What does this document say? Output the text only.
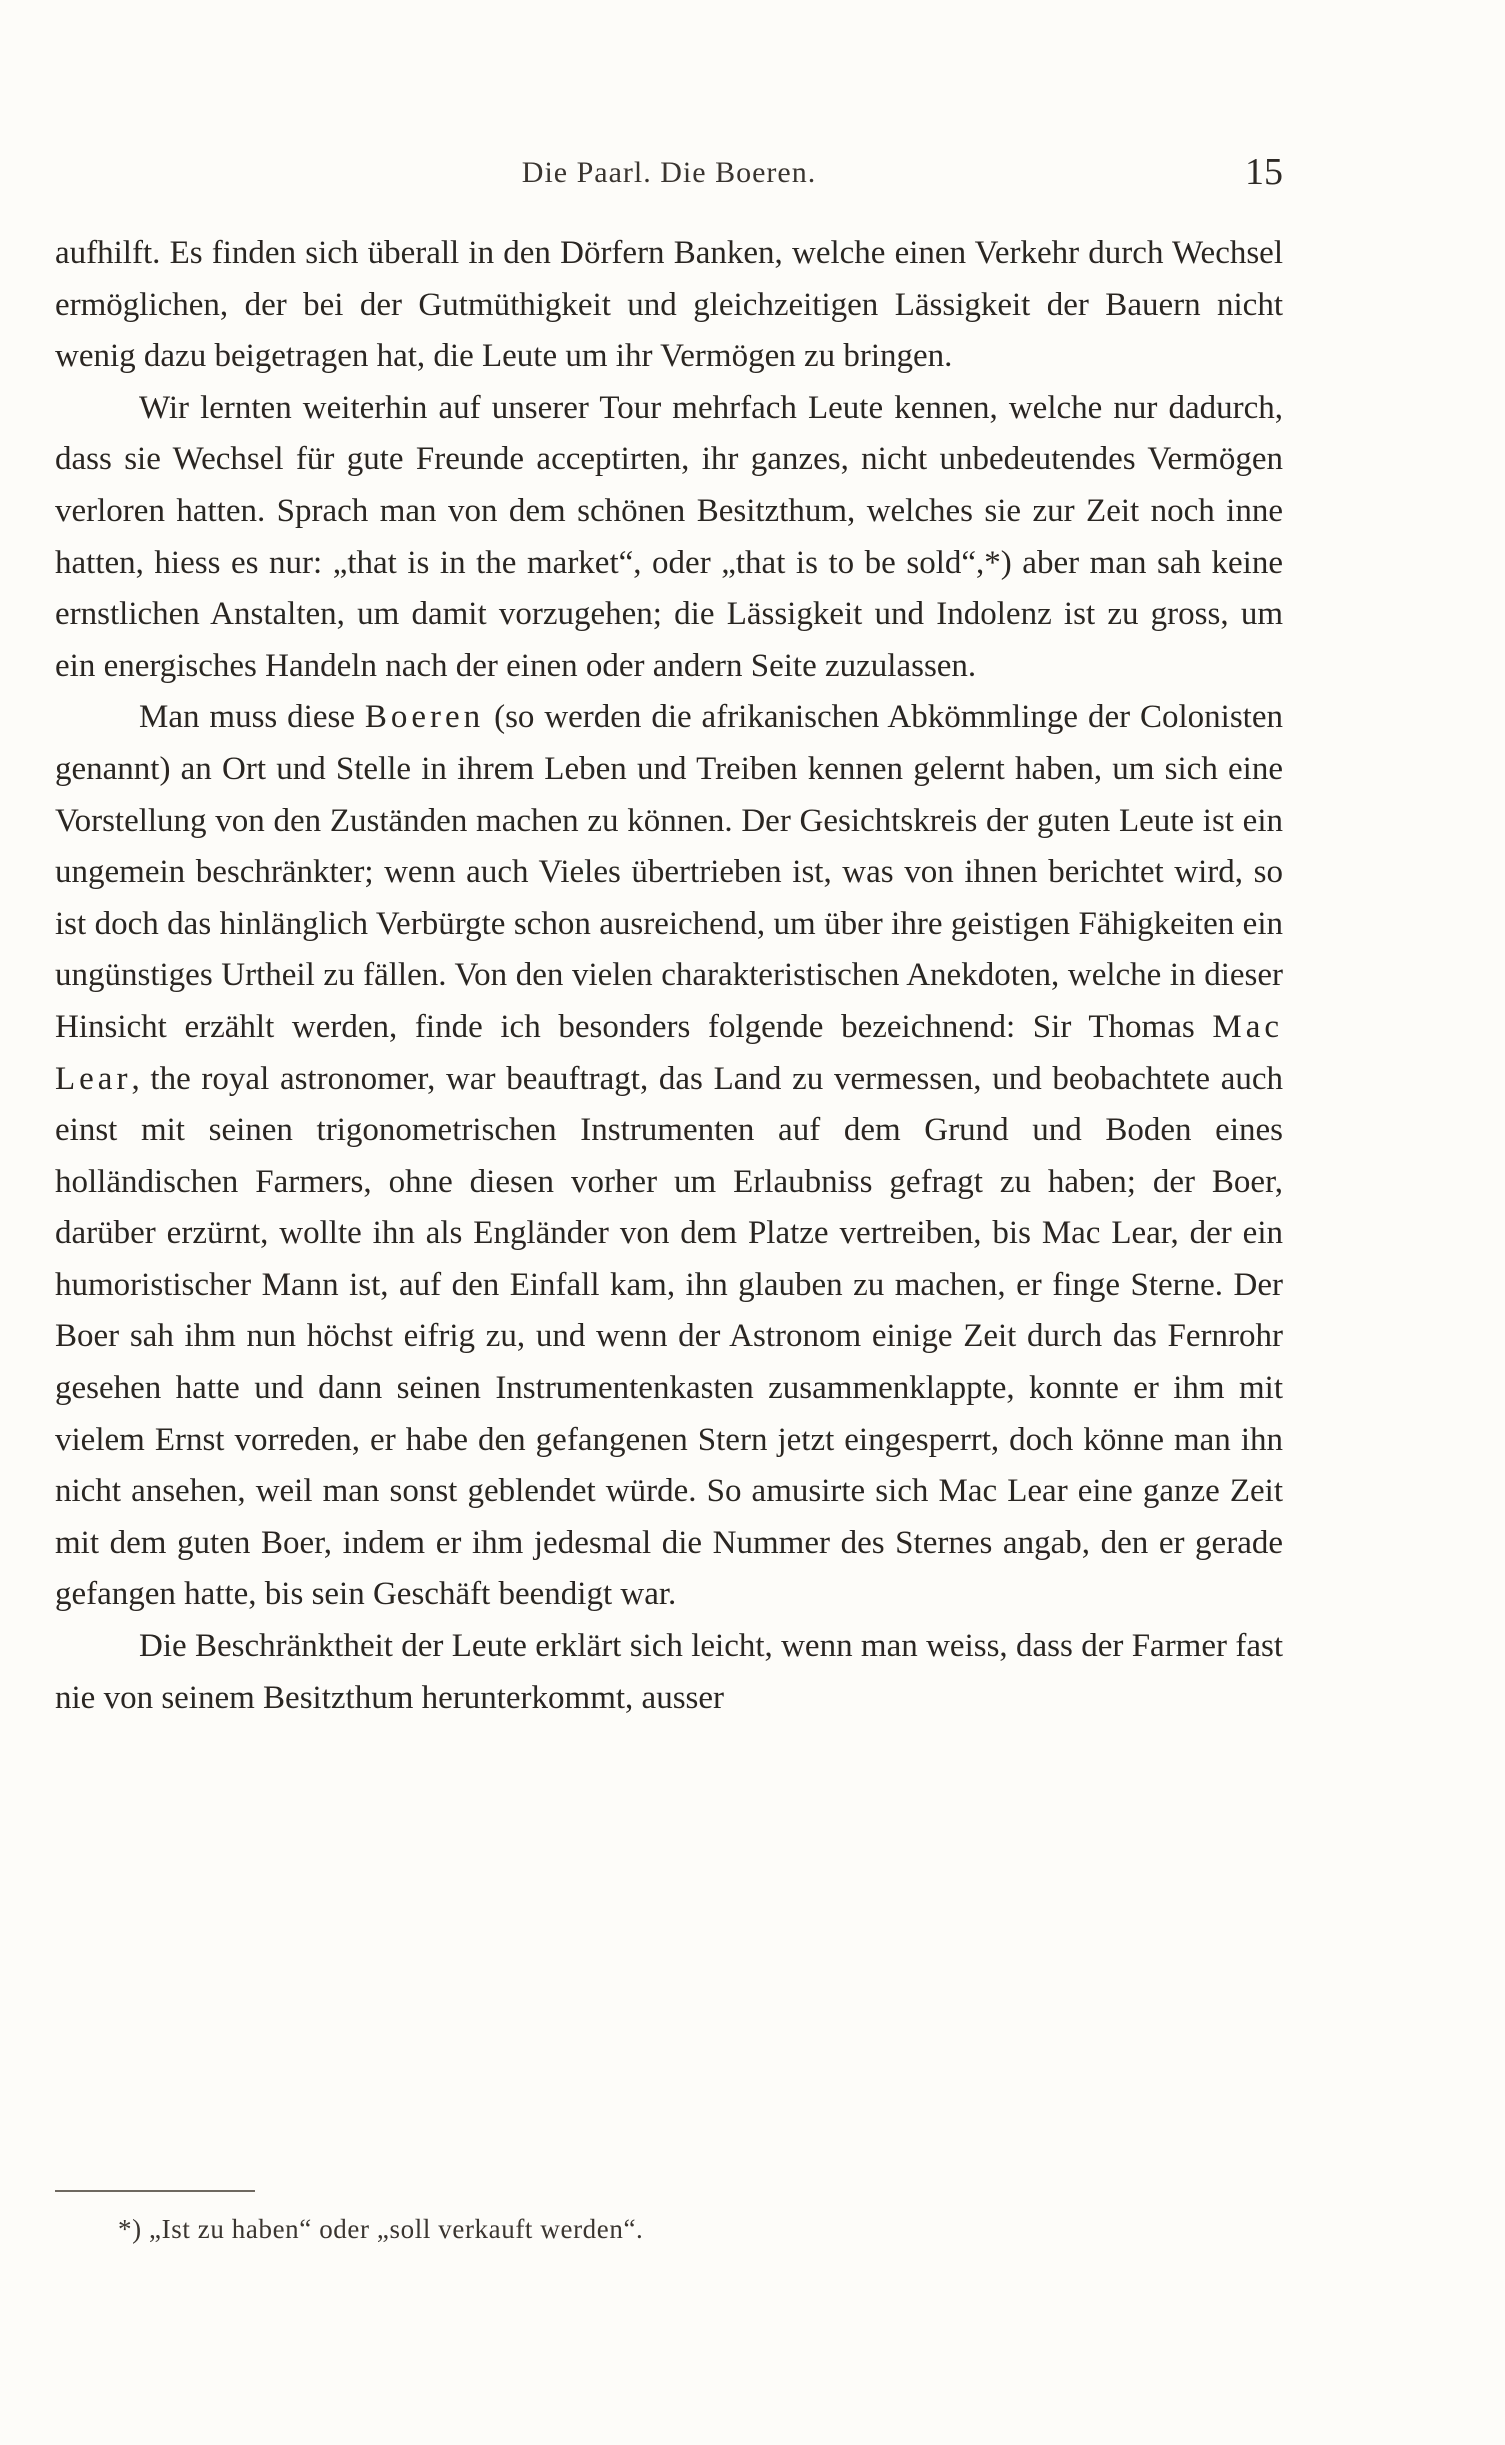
Die Paarl. Die Boeren.	15

aufhilft. Es finden sich überall in den Dörfern Banken, welche einen Verkehr durch Wechsel ermöglichen, der bei der Gutmüthigkeit und gleichzeitigen Lässigkeit der Bauern nicht wenig dazu beigetragen hat, die Leute um ihr Vermögen zu bringen.

Wir lernten weiterhin auf unserer Tour mehrfach Leute kennen, welche nur dadurch, dass sie Wechsel für gute Freunde acceptirten, ihr ganzes, nicht unbedeutendes Vermögen verloren hatten. Sprach man von dem schönen Besitzthum, welches sie zur Zeit noch inne hatten, hiess es nur: „that is in the market“, oder „that is to be sold“,*) aber man sah keine ernstlichen Anstalten, um damit vorzugehen; die Lässigkeit und Indolenz ist zu gross, um ein energisches Handeln nach der einen oder andern Seite zuzulassen.

Man muss diese Boeren (so werden die afrikanischen Abkömmlinge der Colonisten genannt) an Ort und Stelle in ihrem Leben und Treiben kennen gelernt haben, um sich eine Vorstellung von den Zuständen machen zu können. Der Gesichtskreis der guten Leute ist ein ungemein beschränkter; wenn auch Vieles übertrieben ist, was von ihnen berichtet wird, so ist doch das hinlänglich Verbürgte schon ausreichend, um über ihre geistigen Fähigkeiten ein ungünstiges Urtheil zu fällen. Von den vielen charakteristischen Anekdoten, welche in dieser Hinsicht erzählt werden, finde ich besonders folgende bezeichnend: Sir Thomas Mac Lear, the royal astronomer, war beauftragt, das Land zu vermessen, und beobachtete auch einst mit seinen trigonometrischen Instrumenten auf dem Grund und Boden eines holländischen Farmers, ohne diesen vorher um Erlaubniss gefragt zu haben; der Boer, darüber erzürnt, wollte ihn als Engländer von dem Platze vertreiben, bis Mac Lear, der ein humoristischer Mann ist, auf den Einfall kam, ihn glauben zu machen, er finge Sterne. Der Boer sah ihm nun höchst eifrig zu, und wenn der Astronom einige Zeit durch das Fernrohr gesehen hatte und dann seinen Instrumentenkasten zusammenklappte, konnte er ihm mit vielem Ernst vorreden, er habe den gefangenen Stern jetzt eingesperrt, doch könne man ihn nicht ansehen, weil man sonst geblendet würde. So amusirte sich Mac Lear eine ganze Zeit mit dem guten Boer, indem er ihm jedesmal die Nummer des Sternes angab, den er gerade gefangen hatte, bis sein Geschäft beendigt war.

Die Beschränktheit der Leute erklärt sich leicht, wenn man weiss, dass der Farmer fast nie von seinem Besitzthum herunterkommt, ausser

*) „Ist zu haben“ oder „soll verkauft werden“.
